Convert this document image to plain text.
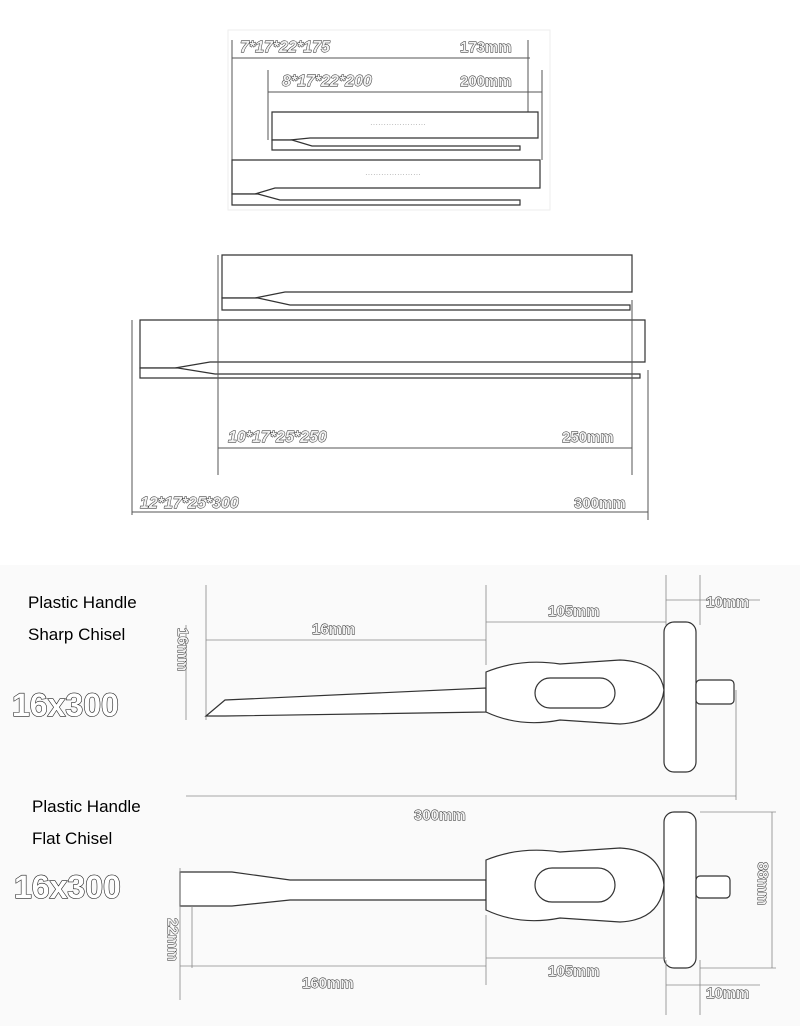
7*17*22*175	173mm
8*17*22*200	200mm
·····················
·····················
10*17*25*250	250mm
12*17*25*300	300mm
Plastic Handle
Sharp Chisel
16x300
16mm
105mm
10mm
16mm
300mm
Plastic Handle
Flat Chisel
16x300
160mm
105mm
10mm
22mm
88mm
